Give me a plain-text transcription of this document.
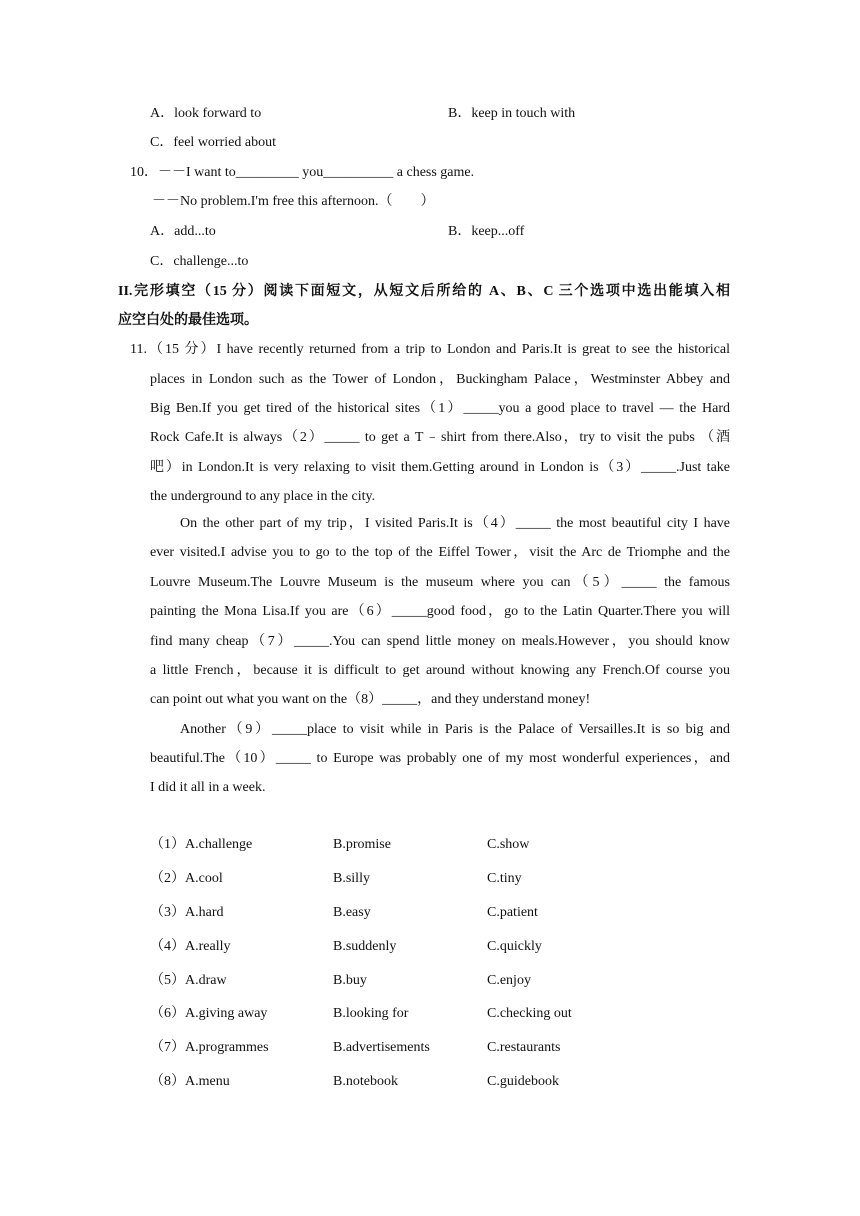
A．look forward to	B．keep in touch with
C．feel worried about
10．－－I want to_________ you__________ a chess game.
－－No problem.I'm free this afternoon.（　　）
A．add...to	B．keep...off
C．challenge...to
II.完形填空（15 分）阅读下面短文，从短文后所给的 A、B、C 三个选项中选出能填入相
应空白处的最佳选项。
11.（15 分）I have recently returned from a trip to London and Paris.It is great to see the historical
places in London such as the Tower of London，Buckingham Palace，Westminster Abbey and
Big Ben.If you get tired of the historical sites（1）_____you a good place to travel — the Hard
Rock Cafe.It is always（2）_____ to get a T﹣shirt from there.Also，try to visit the pubs （酒
吧）in London.It is very relaxing to visit them.Getting around in London is（3）_____.Just take
the underground to any place in the city.
On the other part of my trip，I visited Paris.It is（4）_____ the most beautiful city I have
ever visited.I advise you to go to the top of the Eiffel Tower，visit the Arc de Triomphe and the
Louvre Museum.The Louvre Museum is the museum where you can（5）_____ the famous
painting the Mona Lisa.If you are（6）_____good food，go to the Latin Quarter.There you will
find many cheap（7）_____.You can spend little money on meals.However，you should know
a little French，because it is difficult to get around without knowing any French.Of course you
can point out what you want on the（8）_____，and they understand money!
Another（9）_____place to visit while in Paris is the Palace of Versailles.It is so big and
beautiful.The（10）_____ to Europe was probably one of my most wonderful experiences，and
I did it all in a week.
（1）A.challenge	B.promise	C.show
（2）A.cool	B.silly	C.tiny
（3）A.hard	B.easy	C.patient
（4）A.really	B.suddenly	C.quickly
（5）A.draw	B.buy	C.enjoy
（6）A.giving away	B.looking for	C.checking out
（7）A.programmes	B.advertisements	C.restaurants
（8）A.menu	B.notebook	C.guidebook
